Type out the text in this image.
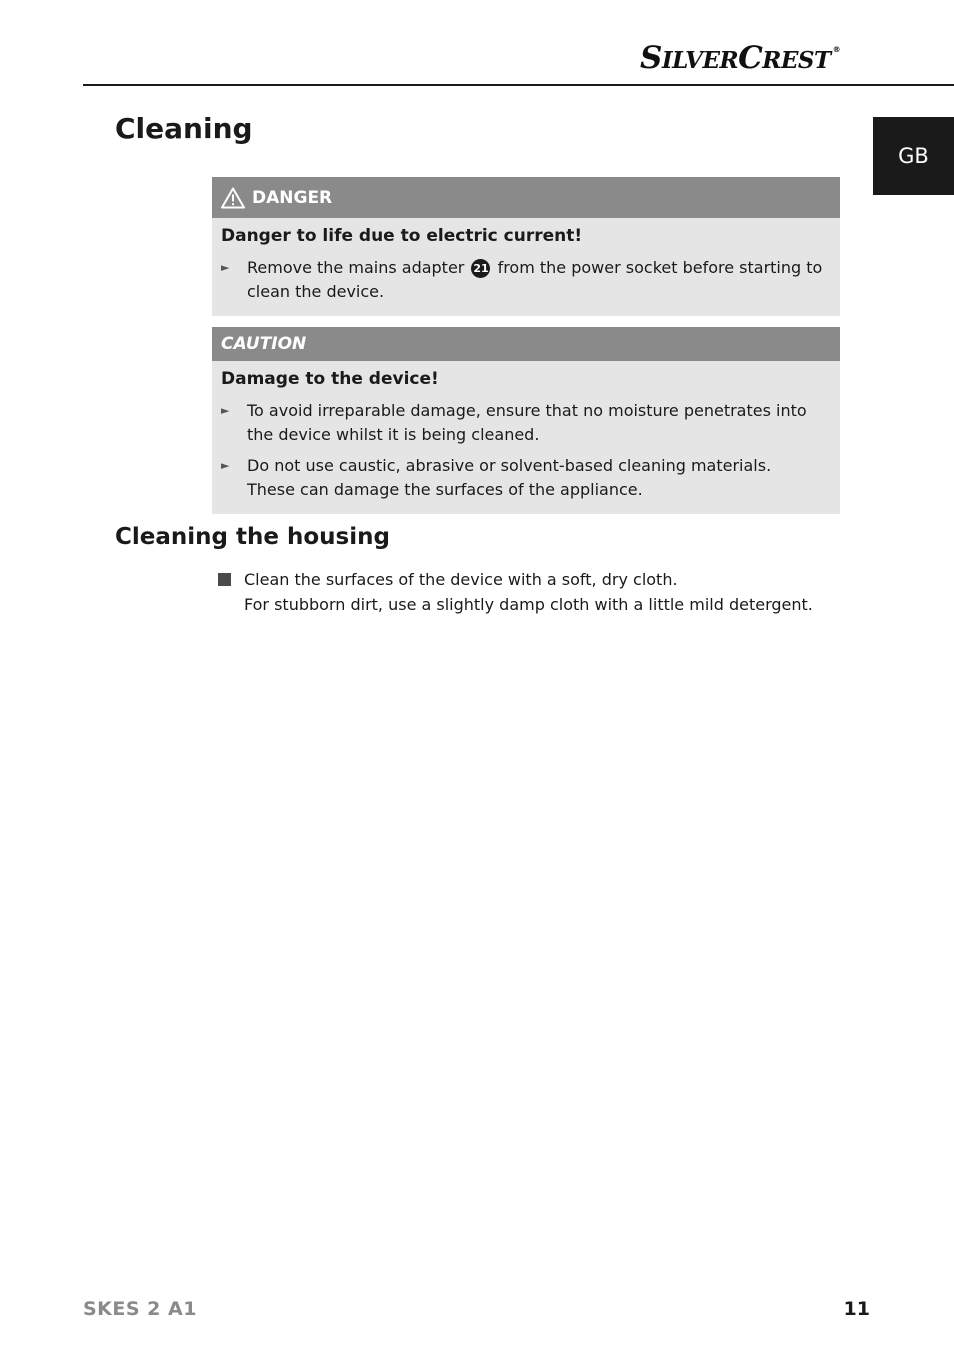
SILVERCREST ®
GB
Cleaning
DANGER

Danger to life due to electric current!

►	Remove the mains adapter 21 from the power socket before starting to clean the device.
CAUTION

Damage to the device!

►	To avoid irreparable damage, ensure that no moisture penetrates into the device whilst it is being cleaned.
►	Do not use caustic, abrasive or solvent-based cleaning materials.
These can damage the surfaces of the appliance.
Cleaning the housing
Clean the surfaces of the device with a soft, dry cloth.
For stubborn dirt, use a slightly damp cloth with a little mild detergent.
SKES 2 A1	11
